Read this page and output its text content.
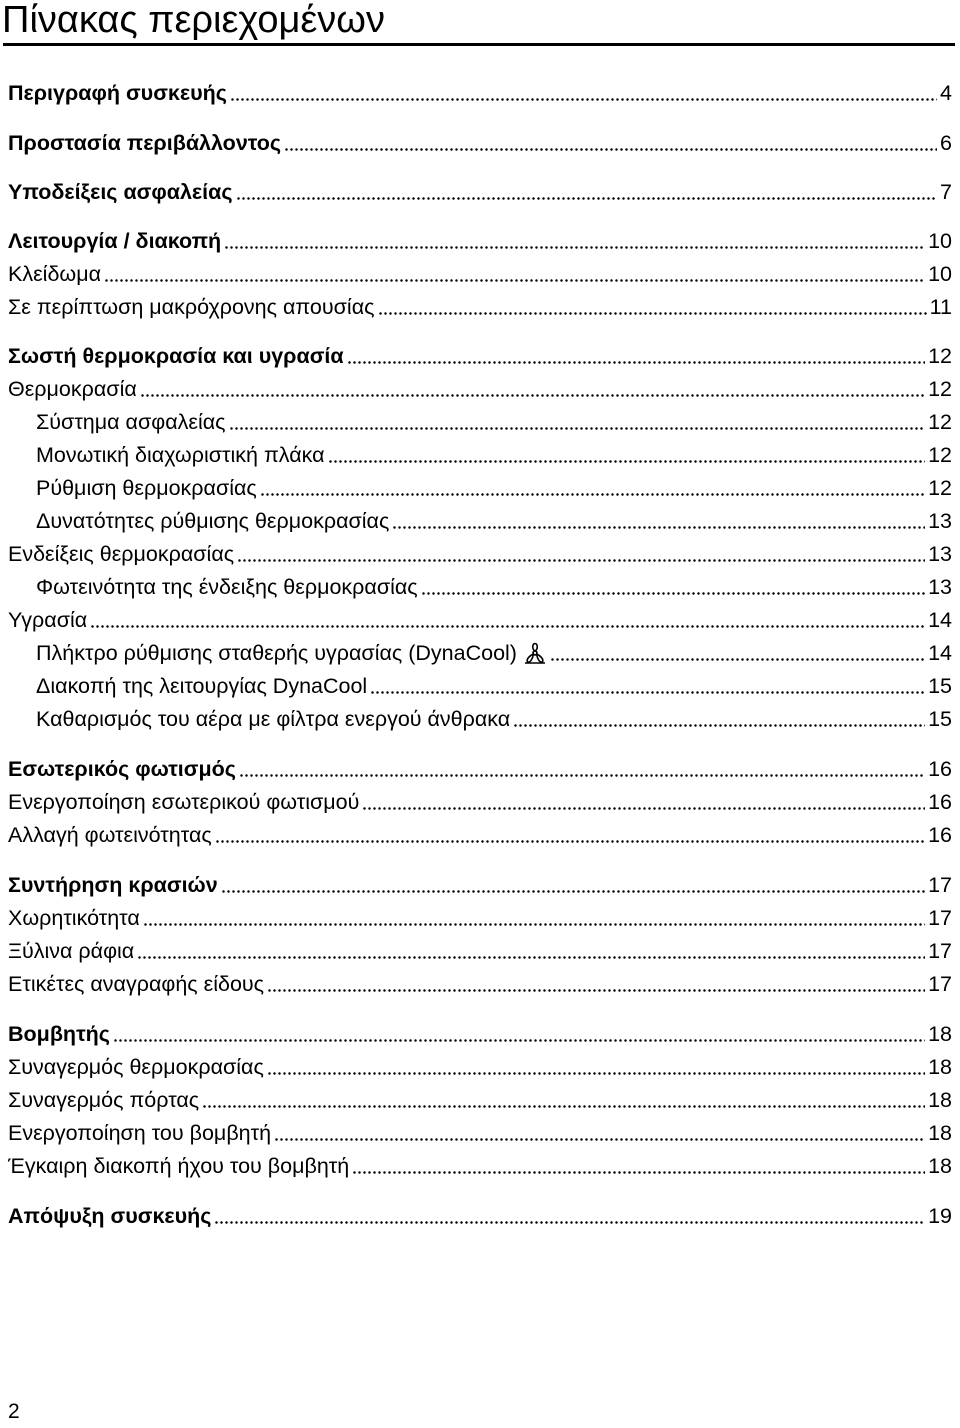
Πίνακας περιεχομένων
Περιγραφή συσκευής	4
Προστασία περιβάλλοντος	6
Υποδείξεις ασφαλείας	7
Λειτουργία / διακοπή	10
Κλείδωμα	10
Σε περίπτωση μακρόχρονης απουσίας	11
Σωστή θερμοκρασία και υγρασία	12
Θερμοκρασία	12
Σύστημα ασφαλείας	12
Μονωτική διαχωριστική πλάκα	12
Ρύθμιση θερμοκρασίας	12
Δυνατότητες ρύθμισης θερμοκρασίας	13
Ενδείξεις θερμοκρασίας	13
Φωτεινότητα της ένδειξης θερμοκρασίας	13
Υγρασία	14
Πλήκτρο ρύθμισης σταθερής υγρασίας (DynaCool)	14
Διακοπή της λειτουργίας DynaCool	15
Καθαρισμός του αέρα με φίλτρα ενεργού άνθρακα	15
Εσωτερικός φωτισμός	16
Ενεργοποίηση εσωτερικού φωτισμού	16
Αλλαγή φωτεινότητας	16
Συντήρηση κρασιών	17
Χωρητικότητα	17
Ξύλινα ράφια	17
Ετικέτες αναγραφής είδους	17
Βομβητής	18
Συναγερμός θερμοκρασίας	18
Συναγερμός πόρτας	18
Ενεργοποίηση του βομβητή	18
Έγκαιρη διακοπή ήχου του βομβητή	18
Απόψυξη συσκευής	19
2
